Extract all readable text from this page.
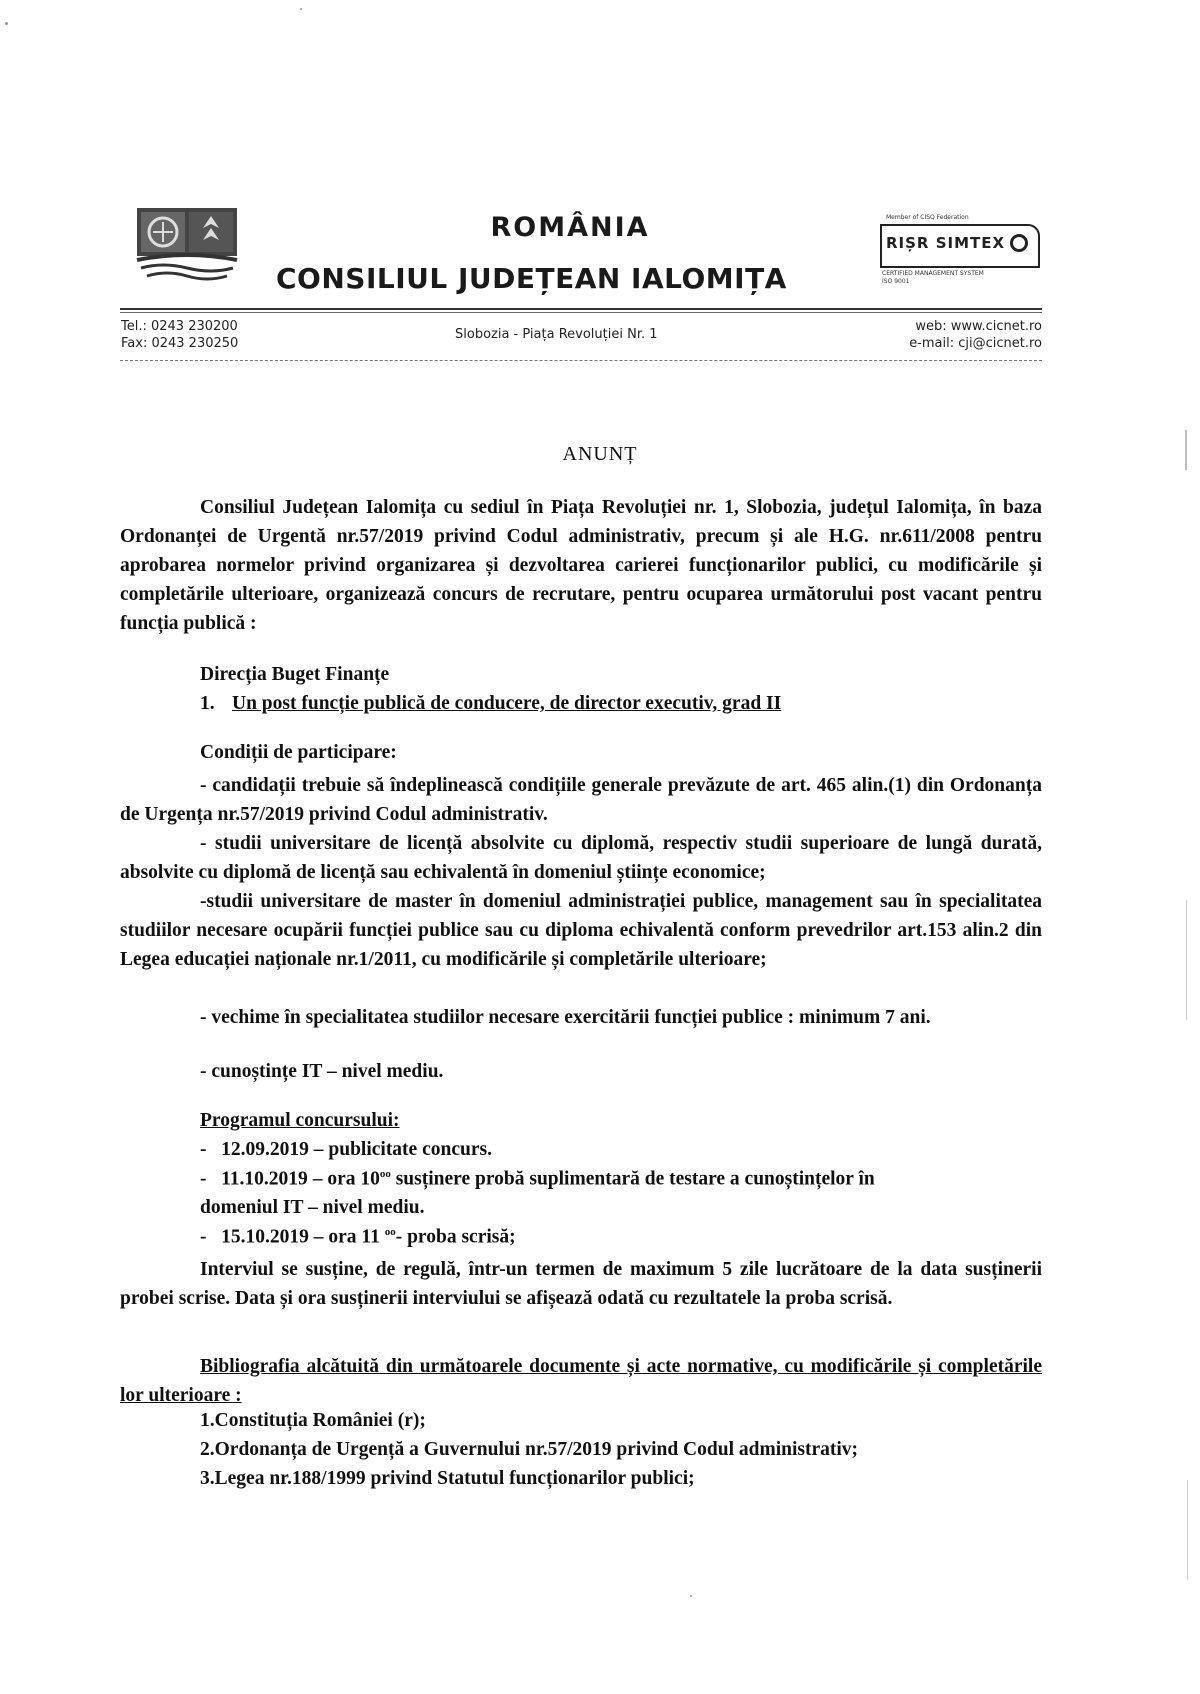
ROMÂNIA
CONSILIUL JUDEȚEAN IALOMIȚA
Member of CISQ Federation
RIȘR SIMTEX
CERTIFIED MANAGEMENT SYSTEM
ISO 9001
Tel.: 0243 230200
Fax: 0243 230250
Slobozia - Piața Revoluției Nr. 1
web: www.cicnet.ro
e-mail: cji@cicnet.ro
ANUNȚ
Consiliul Județean Ialomița cu sediul în Piața Revoluției nr. 1, Slobozia, județul Ialomița, în baza Ordonanței de Urgentă nr.57/2019 privind Codul administrativ, precum și ale H.G. nr.611/2008 pentru aprobarea normelor privind organizarea și dezvoltarea carierei funcționarilor publici, cu modificările și completările ulterioare, organizează concurs de recrutare, pentru ocuparea următorului post vacant pentru funcția publică :
Direcția Buget Finanțe
1. Un post funcție publică de conducere, de director executiv, grad II
Condiții de participare:
- candidații trebuie să îndeplinească condițiile generale prevăzute de art. 465 alin.(1) din Ordonanța de Urgența nr.57/2019 privind Codul administrativ.
- studii universitare de licență absolvite cu diplomă, respectiv studii superioare de lungă durată, absolvite cu diplomă de licență sau echivalentă în domeniul științe economice;
-studii universitare de master în domeniul administrației publice, management sau în specialitatea studiilor necesare ocupării funcției publice sau cu diploma echivalentă conform prevedrilor art.153 alin.2 din Legea educației naționale nr.1/2011, cu modificările și completările ulterioare;
- vechime în specialitatea studiilor necesare exercitării funcției publice : minimum 7 ani.
- cunoștințe IT – nivel mediu.
Programul concursului:
-   12.09.2019 – publicitate concurs.
-   11.10.2019 – ora $10^{oo}$ susținere probă suplimentară de testare a cunoștințelor în
domeniul IT – nivel mediu.
-   15.10.2019 – ora 11 $^{oo}$- proba scrisă;
Interviul se susține, de regulă, într-un termen de maximum 5 zile lucrătoare de la data susținerii probei scrise. Data și ora susținerii interviului se afișează odată cu rezultatele la proba scrisă.
Bibliografia alcătuită din următoarele documente și acte normative, cu modificările și completările lor ulterioare :
1.Constituția României (r);
2.Ordonanța de Urgență a Guvernului nr.57/2019 privind Codul administrativ;
3.Legea nr.188/1999 privind Statutul funcționarilor publici;
